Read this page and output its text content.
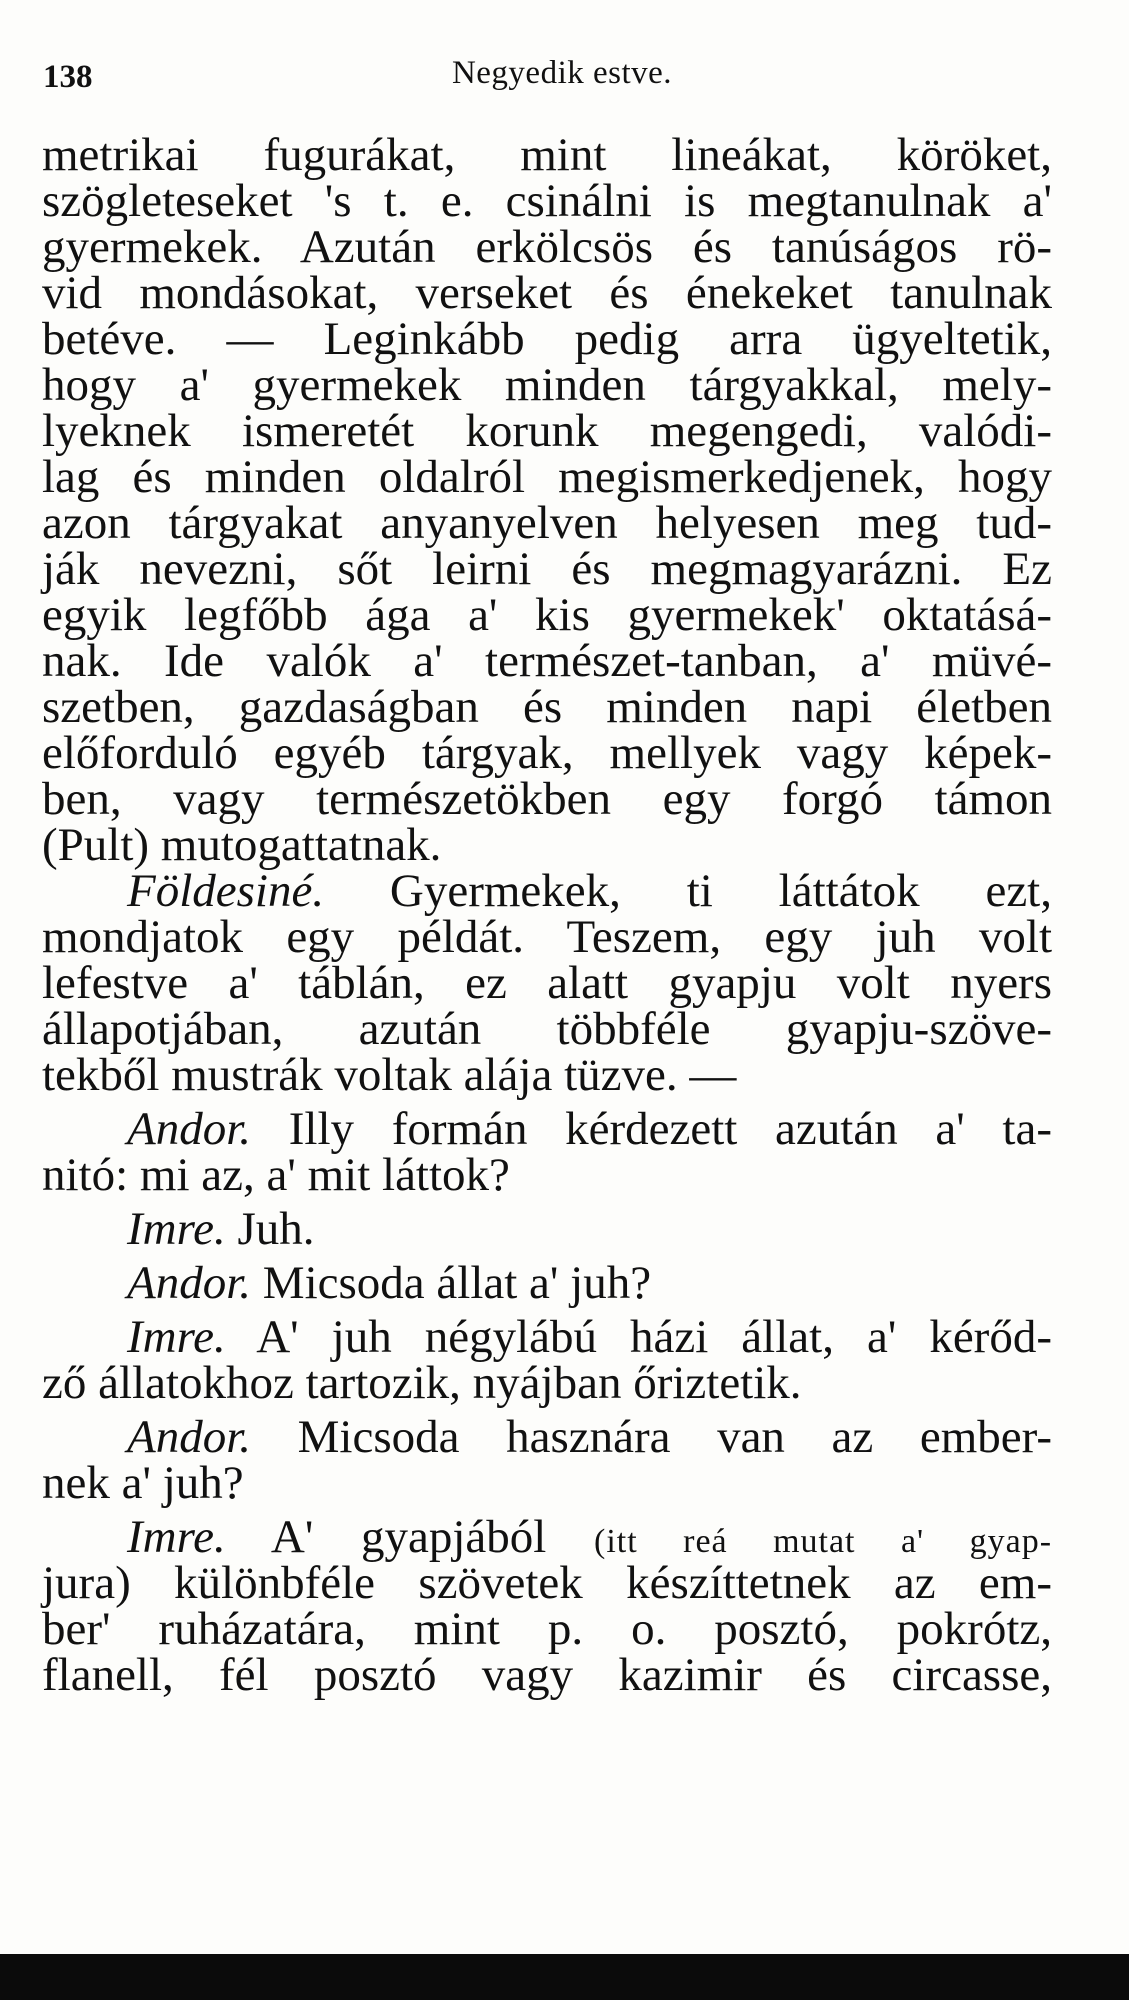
138	Negyedik estve.
metrikai fugurákat, mint lineákat, köröket,
szögleteseket 's t. e. csinálni is megtanulnak a'
gyermekek. Azután erkölcsös és tanúságos rö-
vid mondásokat, verseket és énekeket tanulnak
betéve. — Leginkább pedig arra ügyeltetik,
hogy a' gyermekek minden tárgyakkal, mely-
lyeknek ismeretét korunk megengedi, valódi-
lag és minden oldalról megismerkedjenek, hogy
azon tárgyakat anyanyelven helyesen meg tud-
ják nevezni, sőt leirni és megmagyarázni. Ez
egyik legfőbb ága a' kis gyermekek' oktatásá-
nak. Ide valók a' természet-tanban, a' müvé-
szetben, gazdaságban és minden napi életben
előforduló egyéb tárgyak, mellyek vagy képek-
ben, vagy természetökben egy forgó támon
(Pult) mutogattatnak.
Földesiné. Gyermekek, ti láttátok ezt,
mondjatok egy példát. Teszem, egy juh volt
lefestve a' táblán, ez alatt gyapju volt nyers
állapotjában, azután többféle gyapju-szöve-
tekből mustrák voltak alája tüzve. —
Andor. Illy formán kérdezett azután a' ta-
nitó: mi az, a' mit láttok?
Imre. Juh.
Andor. Micsoda állat a' juh?
Imre. A' juh négylábú házi állat, a' kérőd-
ző állatokhoz tartozik, nyájban őriztetik.
Andor. Micsoda hasznára van az ember-
nek a' juh?
Imre. A' gyapjából (itt reá mutat a' gyap-
jura) különbféle szövetek készíttetnek az em-
ber' ruházatára, mint p. o. posztó, pokrótz,
flanell, fél posztó vagy kazimir és circasse,
